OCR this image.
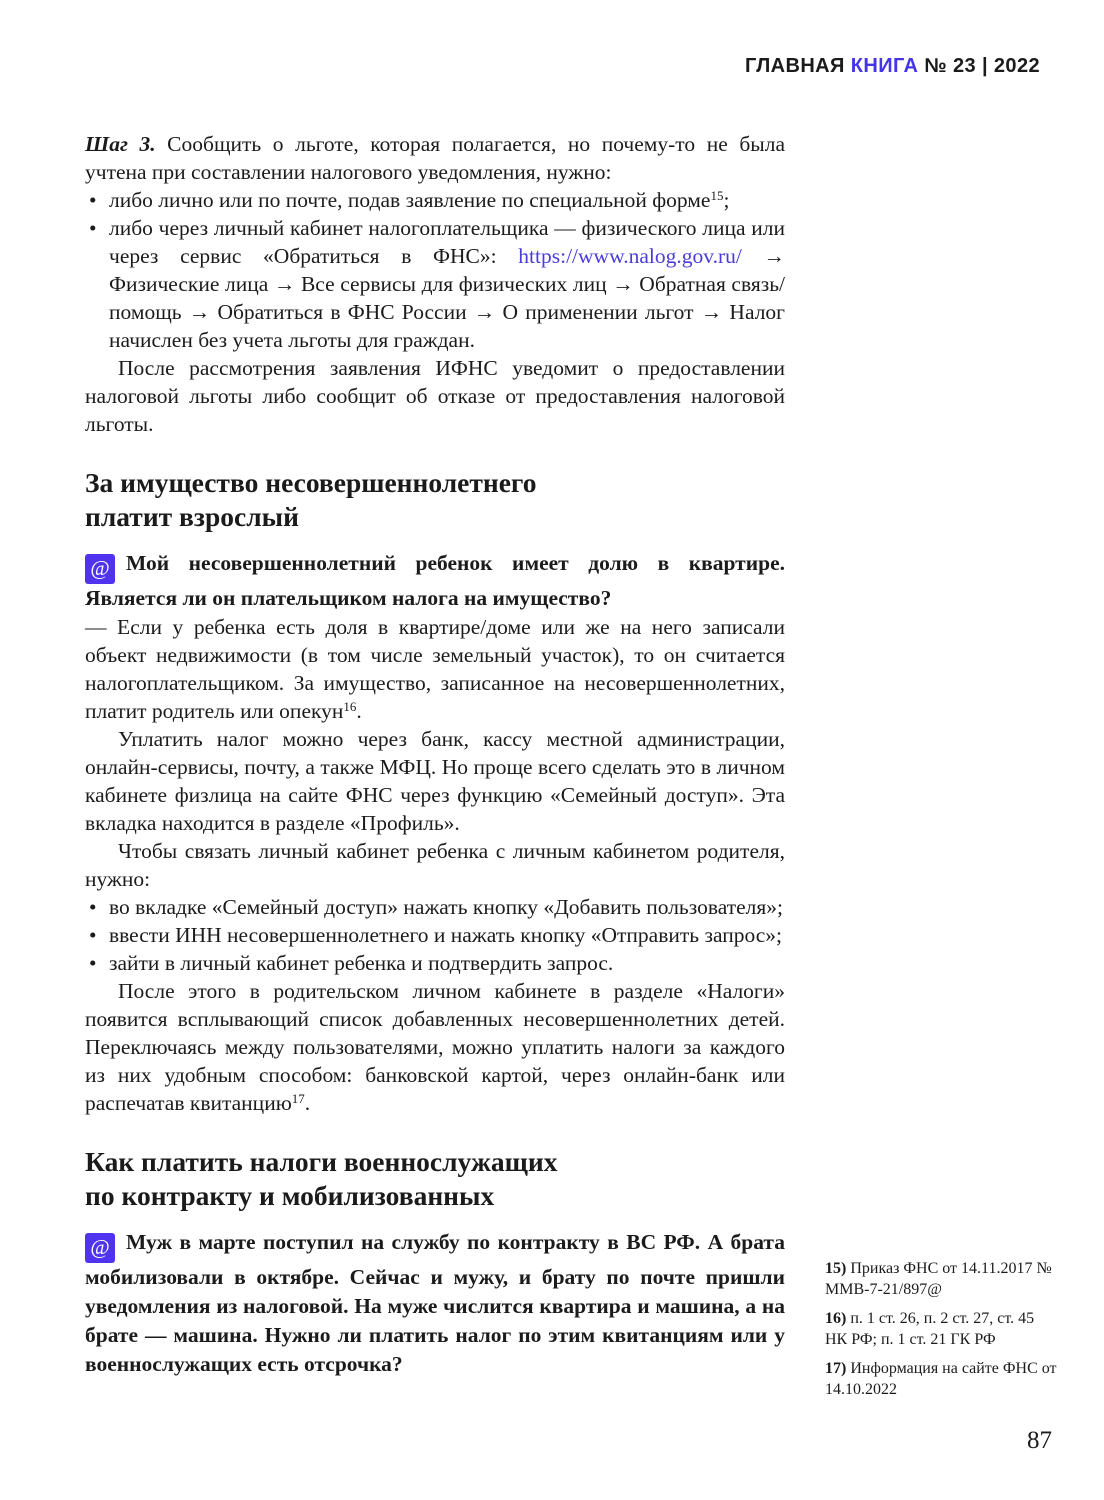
ГЛАВНАЯ КНИГА № 23 | 2022

Шаг 3. Сообщить о льготе, которая полагается, но почему-то не была учтена при составлении налогового уведомления, нужно:

• либо лично или по почте, подав заявление по специальной форме$^{15}$;
• либо через личный кабинет налогоплательщика — физического лица или через сервис «Обратиться в ФНС»: https://www.nalog.gov.ru/ → Физические лица → Все сервисы для физических лиц → Обратная связь/помощь → Обратиться в ФНС России → О применении льгот → Налог начислен без учета льготы для граждан.

После рассмотрения заявления ИФНС уведомит о предоставлении налоговой льготы либо сообщит об отказе от предоставления налоговой льготы.

За имущество несовершеннолетнего
платит взрослый

@ Мой несовершеннолетний ребенок имеет долю в квартире. Является ли он плательщиком налога на имущество?

— Если у ребенка есть доля в квартире/доме или же на него записали объект недвижимости (в том числе земельный участок), то он считается налогоплательщиком. За имущество, записанное на несовершеннолетних, платит родитель или опекун$^{16}$.

Уплатить налог можно через банк, кассу местной администрации, онлайн-сервисы, почту, а также МФЦ. Но проще всего сделать это в личном кабинете физлица на сайте ФНС через функцию «Семейный доступ». Эта вкладка находится в разделе «Профиль».

Чтобы связать личный кабинет ребенка с личным кабинетом родителя, нужно:

• во вкладке «Семейный доступ» нажать кнопку «Добавить пользователя»;
• ввести ИНН несовершеннолетнего и нажать кнопку «Отправить запрос»;
• зайти в личный кабинет ребенка и подтвердить запрос.

После этого в родительском личном кабинете в разделе «Налоги» появится всплывающий список добавленных несовершеннолетних детей. Переключаясь между пользователями, можно уплатить налоги за каждого из них удобным способом: банковской картой, через онлайн-банк или распечатав квитанцию$^{17}$.

Как платить налоги военнослужащих
по контракту и мобилизованных

@ Муж в марте поступил на службу по контракту в ВС РФ. А брата мобилизовали в октябре. Сейчас и мужу, и брату по почте пришли уведомления из налоговой. На муже числится квартира и машина, а на брате — машина. Нужно ли платить налог по этим квитанциям или у военнослужащих есть отсрочка?

15) Приказ ФНС от 14.11.2017 № ММВ-7-21/897@

16) п. 1 ст. 26, п. 2 ст. 27, ст. 45 НК РФ; п. 1 ст. 21 ГК РФ

17) Информация на сайте ФНС от 14.10.2022

87
